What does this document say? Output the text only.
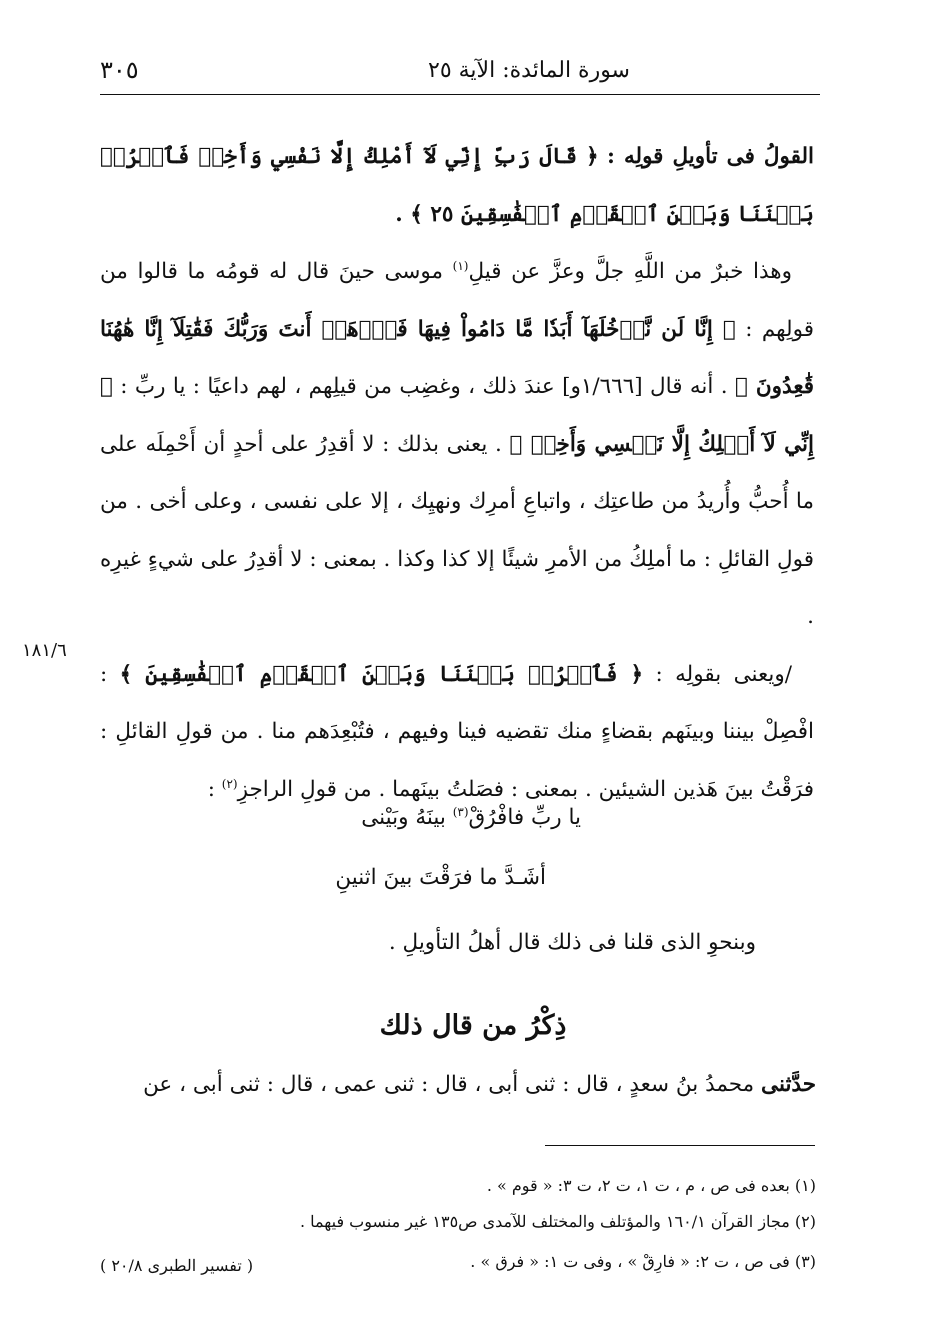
سورة المائدة: الآية ٢٥
٣٠٥

القولُ فى تأويلِ قولِه : ﴿ قَالَ رَبِّ إِنِّي لَآ أَمْلِكُ إِلَّا نَفْسِي وَأَخِيۖ فَٱفۡرُقۡ بَيۡنَنَا وَبَيۡنَ ٱلۡقَوۡمِ ٱلۡفَٰسِقِينَ ٢٥ ﴾ .

وهذا خبرٌ من اللَّهِ جلَّ وعزَّ عن قيلِ$^{(١)}$ موسى حينَ قال له قومُه ما قالوا من قولِهم : ﴿ إِنَّا لَن نَّدۡخُلَهَآ أَبَدٗا مَّا دَامُواْ فِيهَا فَٱذۡهَبۡ أَنتَ وَرَبُّكَ فَقَٰتِلَآ إِنَّا هَٰهُنَا قَٰعِدُونَ ﴾ . أنه قال [١/٦٦٦و] عندَ ذلك ، وغضِب من قيلِهم ، لهم داعيًا : يا ربِّ : ﴿ إِنِّي لَآ أَمۡلِكُ إِلَّا نَفۡسِي وَأَخِيۖ ﴾ . يعنى بذلك : لا أقدِرُ على أحدٍ أن أَحْمِلَه على ما أُحبُّ وأُريدُ من طاعتِك ، واتباعِ أمرِك ونهيِك ، إلا على نفسى ، وعلى أخى . من قولِ القائلِ : ما أملِكُ من الأمرِ شيئًا إلا كذا وكذا . بمعنى : لا أقدِرُ على شيءٍ غيرِه .

/ويعنى بقولِه : ﴿ فَٱفۡرُقۡ بَيۡنَنَا وَبَيۡنَ ٱلۡقَوۡمِ ٱلۡفَٰسِقِينَ ﴾ : افْصِلْ بيننا وبينَهم بقضاءٍ منك تقضيه فينا وفيهم ، فتُبْعِدَهم منا . من قولِ القائلِ : فرَقْتُ بينَ هَذين الشيئين . بمعنى : فصَلتُ بينَهما . من قولِ الراجزِ$^{(٢)}$ :

١٨١/٦
يا ربِّ فافْرُقْ$^{(٣)}$ بينَهُ وبَيْنى
أشَـدَّ ما فرَقْتَ بينَ اثنينِ
وبنحوِ الذى قلنا فى ذلك قال أهلُ التأويلِ .
ذِكْرُ من قال ذلك
حدَّثنى محمدُ بنُ سعدٍ ، قال : ثنى أبى ، قال : ثنى عمى ، قال : ثنى أبى ، عن
(١) بعده فى ص ، م ، ت ١، ت ٢، ت ٣: « قوم » .
(٢) مجاز القرآن ١٦٠/١ والمؤتلف والمختلف للآمدى ص١٣٥ غير منسوب فيهما .
(٣) فى ص ، ت ٢: « فارِقْ » ، وفى ت ١: « فرق » .
( تفسير الطبرى ٢٠/٨ )
